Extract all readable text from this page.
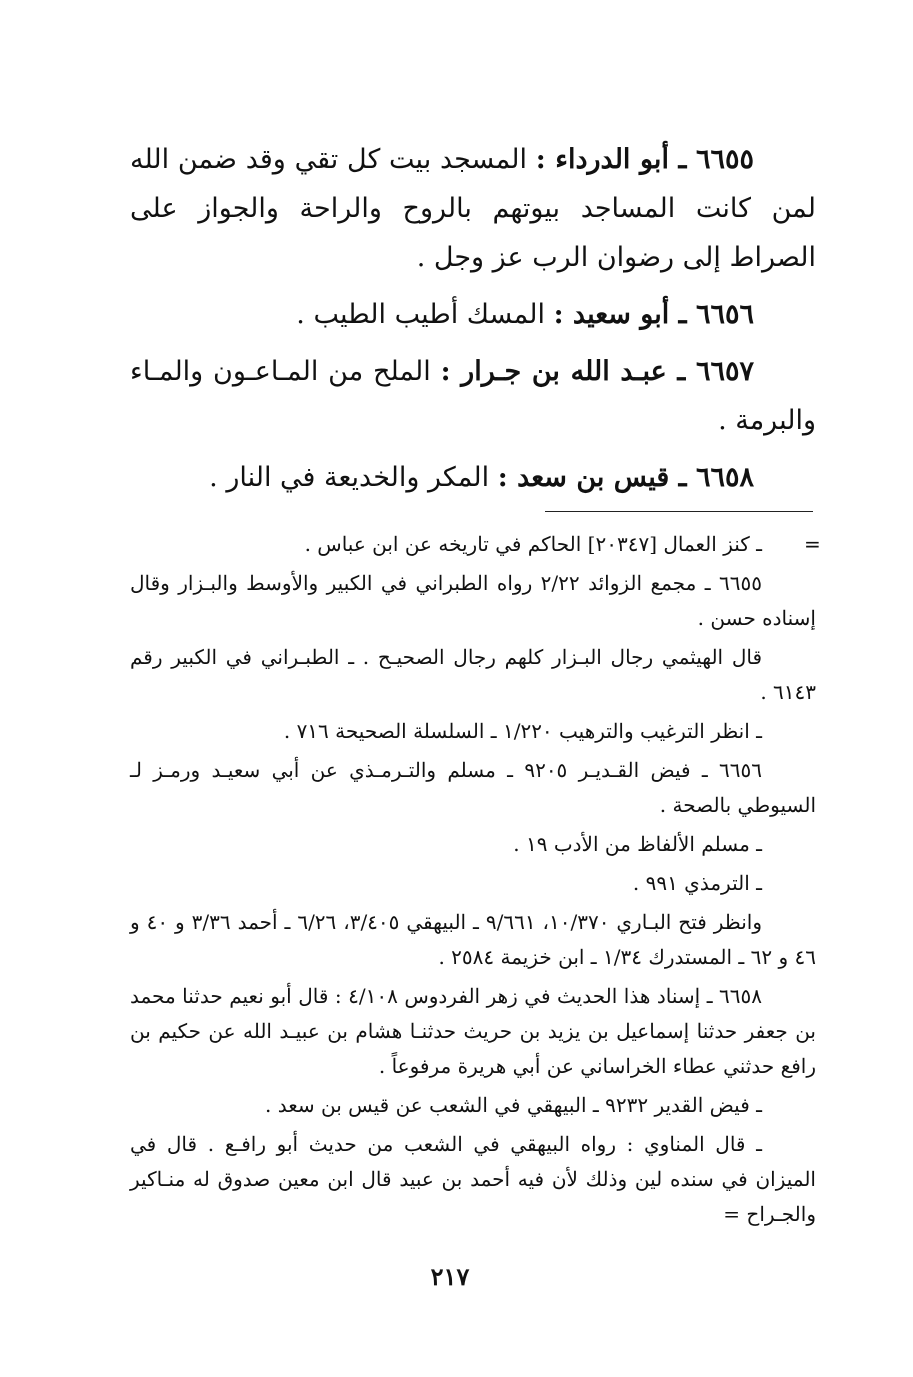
٦٦٥٥ ـ أبو الدرداء : المسجد بيت كل تقي وقد ضمن الله لمن كانت المساجد بيوتهم بالروح والراحة والجواز على الصراط إلى رضوان الرب عز وجل .

٦٦٥٦ ـ أبو سعيد : المسك أطيب الطيب .

٦٦٥٧ ـ عبـد الله بن جـرار : الملح من المـاعـون والمـاء والبرمة .

٦٦٥٨ ـ قيس بن سعد : المكر والخديعة في النار .

=

ـ كنز العمال [٢٠٣٤٧] الحاكم في تاريخه عن ابن عباس .

٦٦٥٥ ـ مجمع الزوائد ٢/٢٢ رواه الطبراني في الكبير والأوسط والبـزار وقال إسناده حسن .

قال الهيثمي رجال البـزار كلهم رجال الصحيـح . ـ الطبـراني في الكبير رقم ٦١٤٣ .

ـ انظر الترغيب والترهيب ١/٢٢٠ ـ السلسلة الصحيحة ٧١٦ .

٦٦٥٦ ـ فيض القـديـر ٩٢٠٥ ـ مسلم والتـرمـذي عن أبي سعيـد ورمـز لـ السيوطي بالصحة .

ـ مسلم الألفاظ من الأدب ١٩ .

ـ الترمذي ٩٩١ .

وانظر فتح البـاري ١٠/٣٧٠، ٩/٦٦١ ـ البيهقي ٣/٤٠٥، ٦/٢٦ ـ أحمد ٣/٣٦ و ٤٠ و ٤٦ و ٦٢ ـ المستدرك ١/٣٤ ـ ابن خزيمة ٢٥٨٤ .

٦٦٥٨ ـ إسناد هذا الحديث في زهر الفردوس ٤/١٠٨ : قال أبو نعيم حدثنا محمد بن جعفر حدثنا إسماعيل بن يزيد بن حريث حدثنـا هشام بن عبيـد الله عن حكيم بن رافع حدثني عطاء الخراساني عن أبي هريرة مرفوعاً .

ـ فيض القدير ٩٢٣٢ ـ البيهقي في الشعب عن قيس بن سعد .

ـ قال المناوي : رواه البيهقي في الشعب من حديث أبو رافـع . قال في الميزان في سنده لين وذلك لأن فيه أحمد بن عبيد قال ابن معين صدوق له منـاكير والجـراح =

٢١٧
